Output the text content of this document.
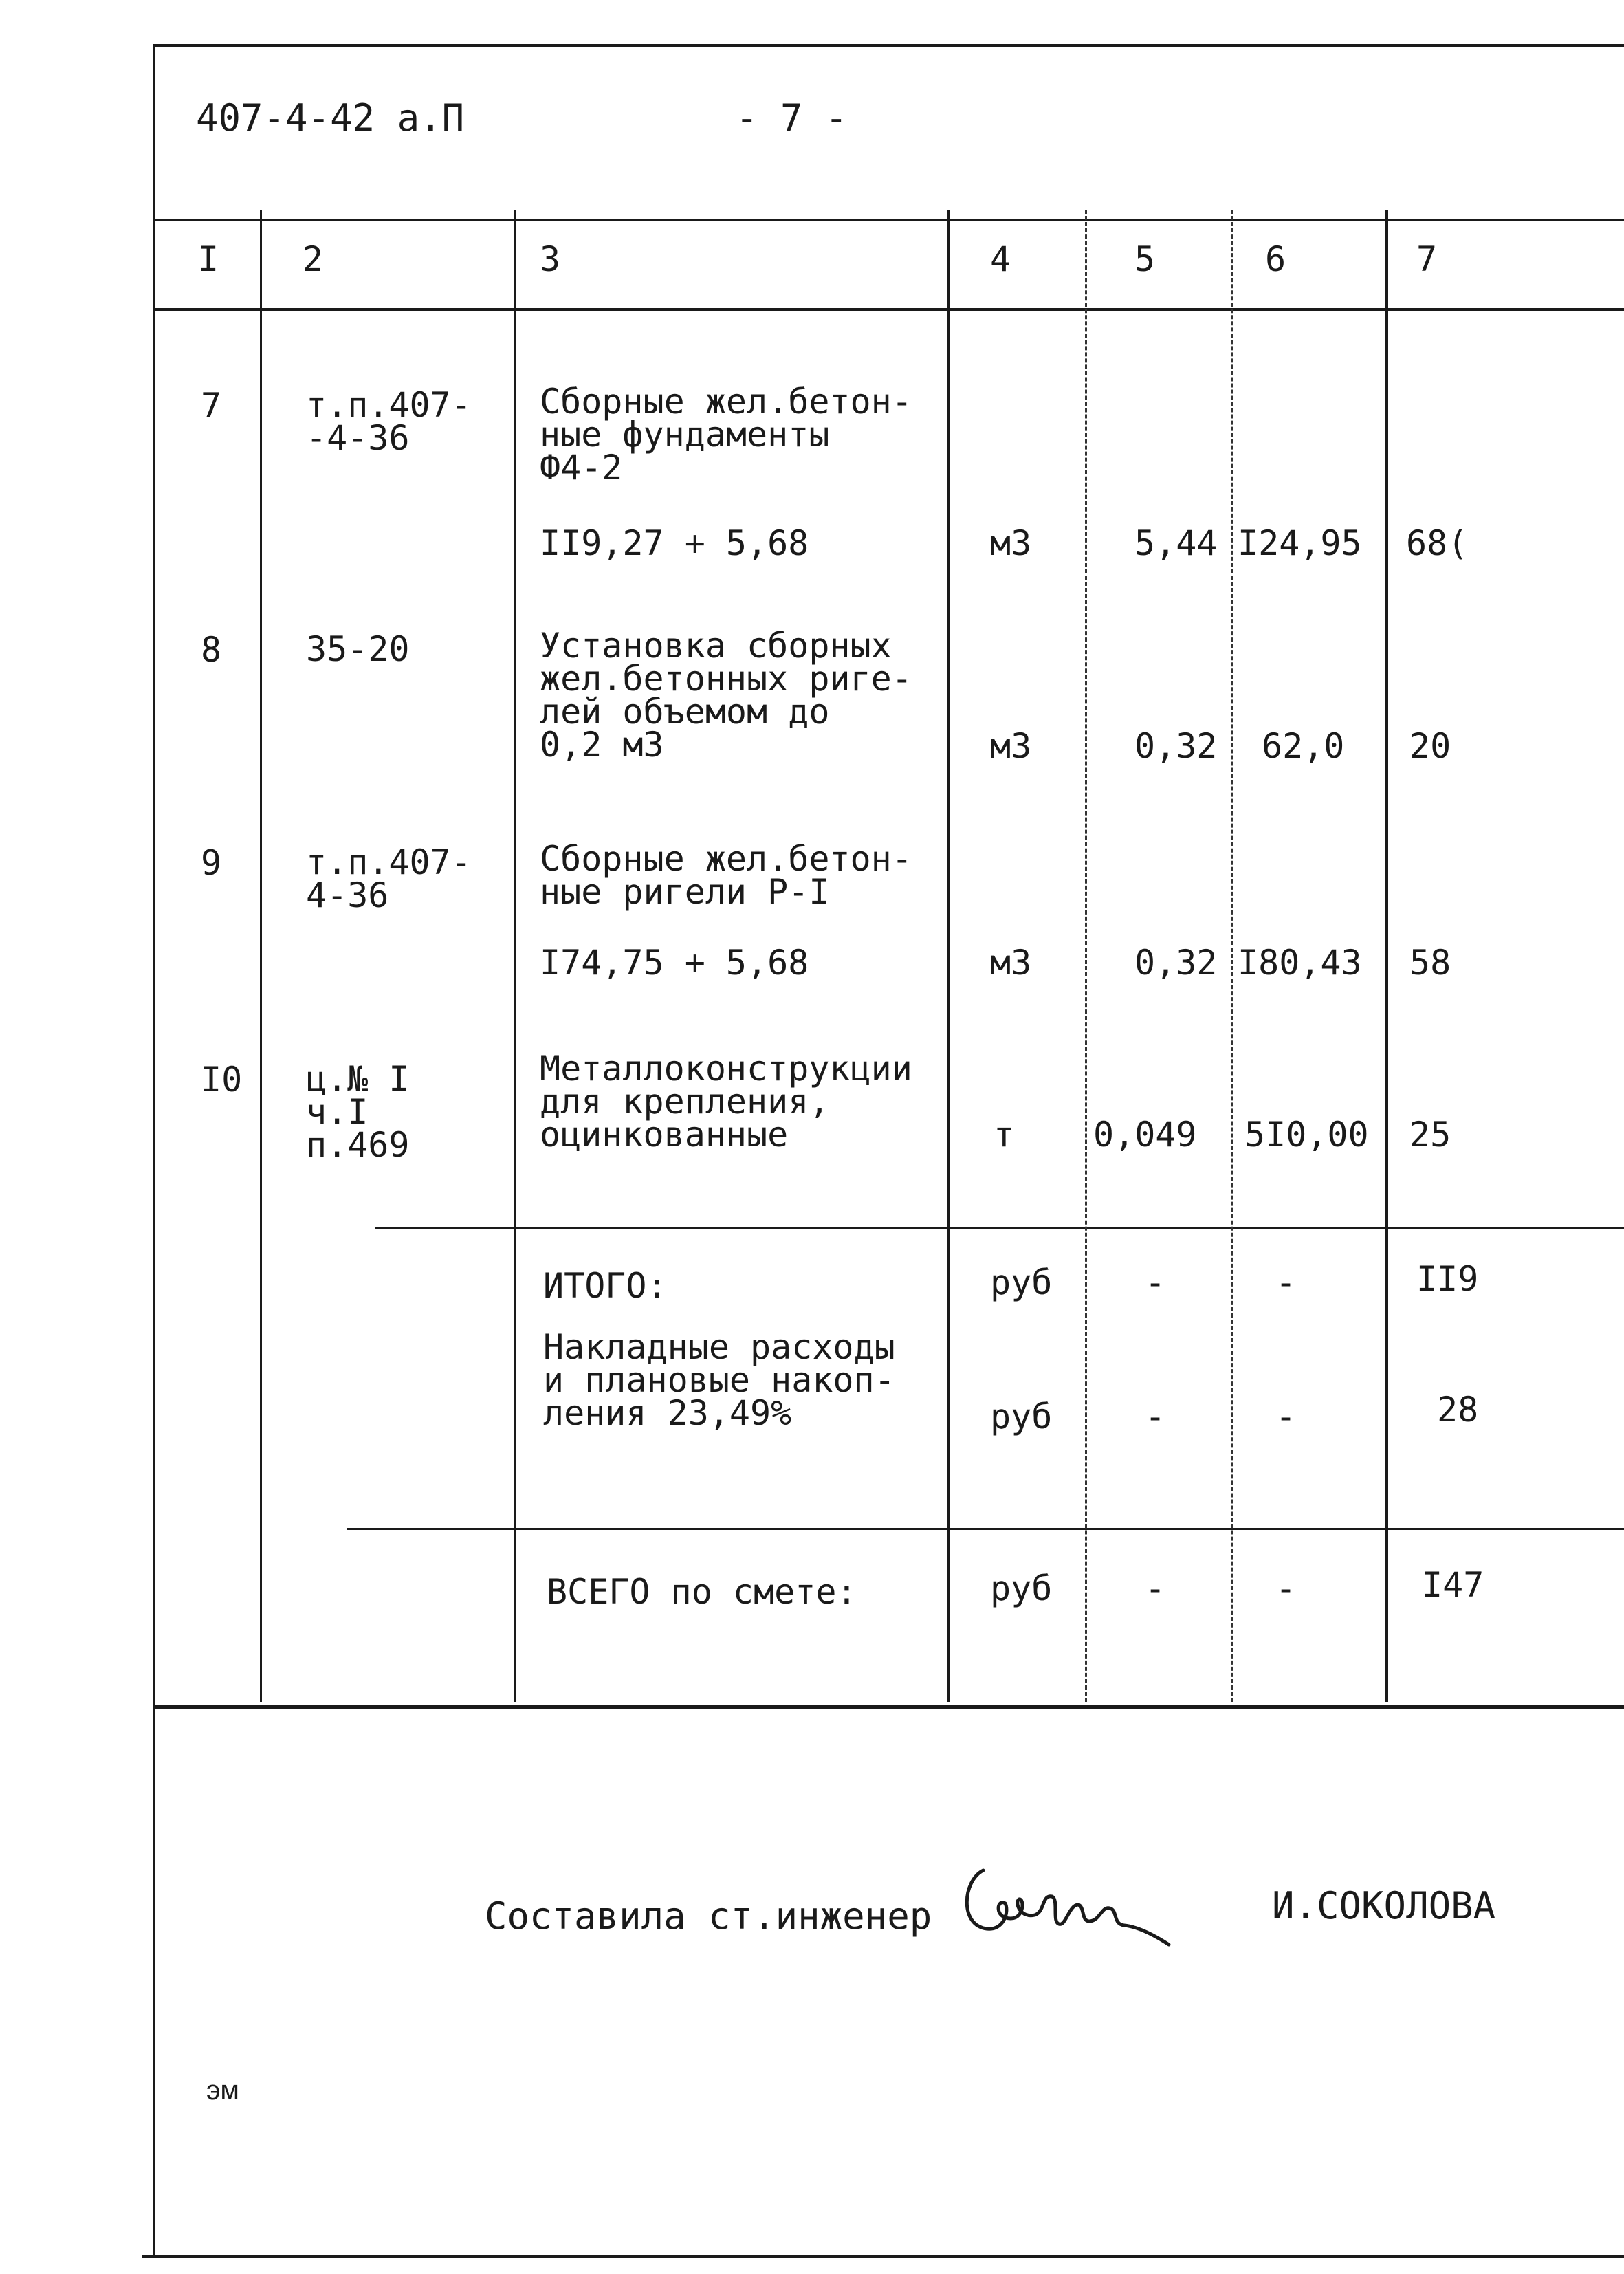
407-4-42 а.П	- 7 -
I 2	3	4	5	6	7
7 т.п.407-
-4-36
Сборные жел.бетон-
ные фундаменты
Ф4-2
II9,27 + 5,68	м3	5,44 I24,95 68(
8 35-20	Установка сборных
жел.бетонных риге-
лей объемом до
0,2 м3	м3	0,32 62,0 20
9 т.п.407-
4-36
Сборные жел.бетон-
ные ригели Р-I
I74,75 + 5,68	м3	0,32 I80,43 58
I0 ц.№ I
ч.I
п.469
Металлоконструкции
для крепления,
оцинкованные	т 0,049 5I0,00 25
ИТОГО:	руб	-	-	II9
Накладные расходы
и плановые накоп-
ления 23,49%	руб	-	-	28
ВСЕГО по смете:	руб	-	-	I47
Составила ст.инженер	И.СОКОЛОВА
эм
